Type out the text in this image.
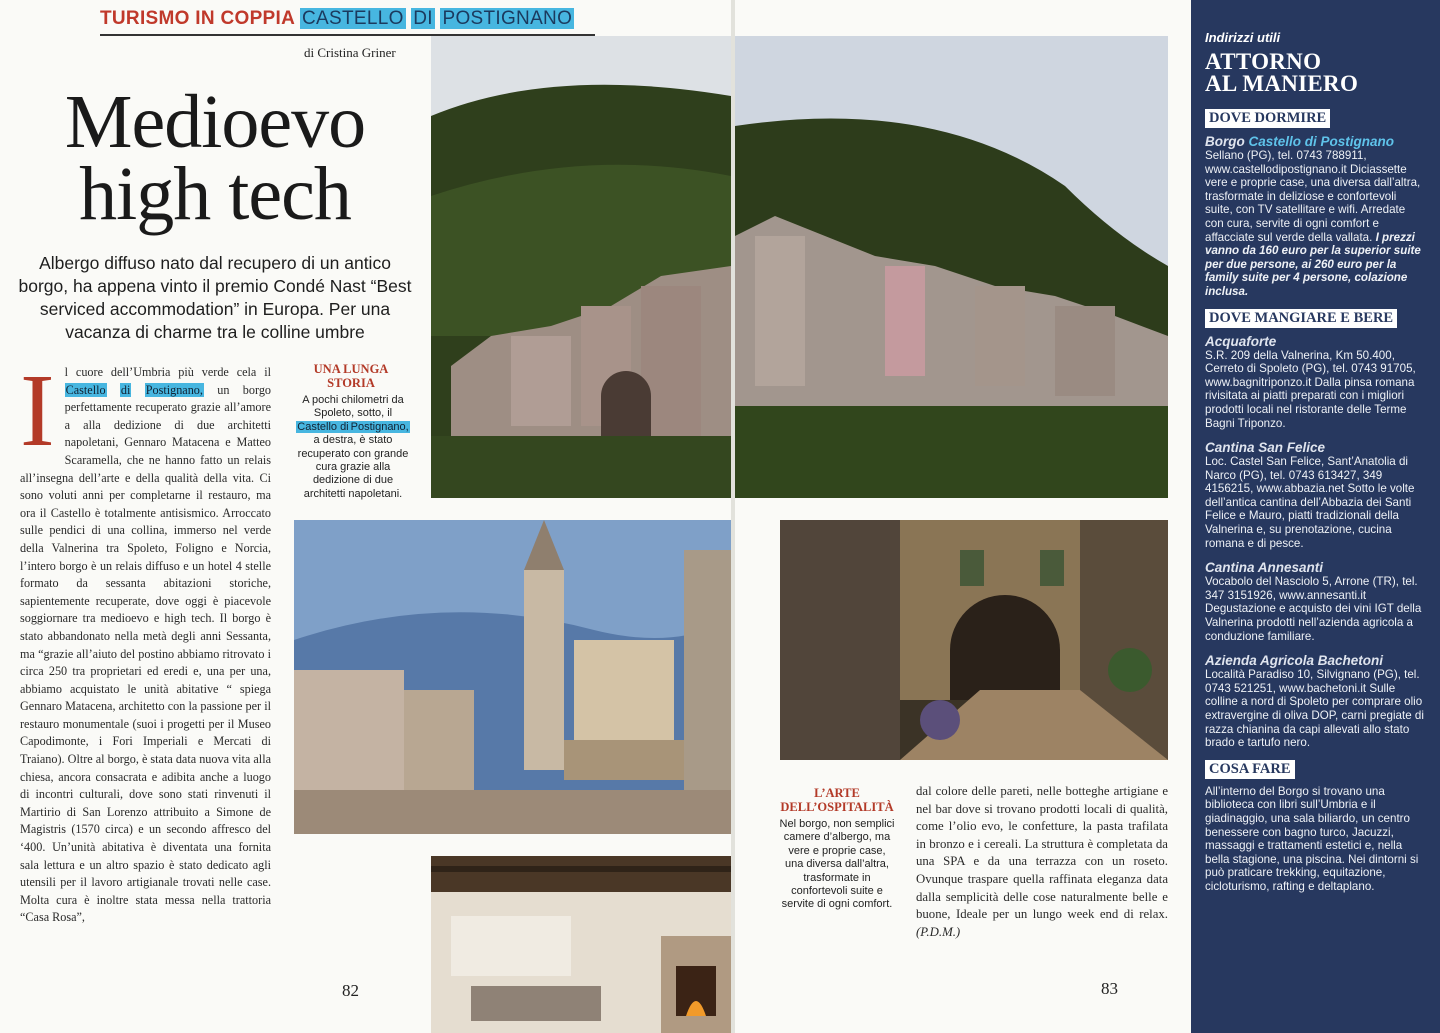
TURISMO IN COPPIA CASTELLO DI POSTIGNANO
di Cristina Griner
Medioevo
high tech
Albergo diffuso nato dal recupero di un antico borgo, ha appena vinto il premio Condé Nast “Best serviced accommodation” in Europa. Per una vacanza di charme tra le colline umbre
Il cuore dell’Umbria più verde cela il Castello di Postignano, un borgo perfettamente recuperato grazie all’amore a alla dedizione di due architetti napoletani, Gennaro Matacena e Matteo Scaramella, che ne hanno fatto un relais all’insegna dell’arte e della qualità della vita. Ci sono voluti anni per completarne il restauro, ma ora il Castello è totalmente antisismico. Arroccato sulle pendici di una collina, immerso nel verde della Valnerina tra Spoleto, Foligno e Norcia, l’intero borgo è un relais diffuso e un hotel 4 stelle formato da sessanta abitazioni storiche, sapientemente recuperate, dove oggi è piacevole soggiornare tra medioevo e high tech. Il borgo è stato abbandonato nella metà degli anni Sessanta, ma “grazie all’aiuto del postino abbiamo ritrovato i circa 250 tra proprietari ed eredi e, una per una, abbiamo acquistato le unità abitative “ spiega Gennaro Matacena, architetto con la passione per il restauro monumentale (suoi i progetti per il Museo Capodimonte, i Fori Imperiali e Mercati di Traiano). Oltre al borgo, è stata data nuova vita alla chiesa, ancora consacrata e adibita anche a luogo di incontri culturali, dove sono stati rinvenuti il Martirio di San Lorenzo attribuito a Simone de Magistris (1570 circa) e un secondo affresco del ‘400. Un’unità abitativa è diventata una fornita sala lettura e un altro spazio è stato dedicato agli utensili per il lavoro artigianale trovati nelle case. Molta cura è inoltre stata messa nella trattoria “Casa Rosa”,
UNA LUNGA
STORIA
A pochi chilometri da Spoleto, sotto, il Castello di Postignano, a destra, è stato recuperato con grande cura grazie alla dedizione di due architetti napoletani.
L’ARTE
DELL’OSPITALITÀ
Nel borgo, non semplici camere d’albergo, ma vere e proprie case, una diversa dall’altra, trasformate in confortevoli suite e servite di ogni comfort.
dal colore delle pareti, nelle botteghe artigiane e nel bar dove si trovano prodotti locali di qualità, come l’olio evo, le confetture, la pasta trafilata in bronzo e i cereali. La struttura è completata da una SPA e da una terrazza con un roseto. Ovunque traspare quella raffinata eleganza data dalla semplicità delle cose naturalmente belle e buone, Ideale per un lungo week end di relax. (P.D.M.)
82	83
Indirizzi utili
ATTORNO
AL MANIERO
DOVE DORMIRE
Borgo Castello di Postignano
Sellano (PG), tel. 0743 788911, www.castellodipostignano.it Diciassette vere e proprie case, una diversa dall’altra, trasformate in deliziose e confortevoli suite, con TV satellitare e wifi. Arredate con cura, servite di ogni comfort e affacciate sul verde della vallata. I prezzi vanno da 160 euro per la superior suite per due persone, ai 260 euro per la family suite per 4 persone, colazione inclusa.
DOVE MANGIARE E BERE
Acquaforte
S.R. 209 della Valnerina, Km 50.400, Cerreto di Spoleto (PG), tel. 0743 91705, www.bagnitriponzo.it Dalla pinsa romana rivisitata ai piatti preparati con i migliori prodotti locali nel ristorante delle Terme Bagni Triponzo.
Cantina San Felice
Loc. Castel San Felice, Sant’Anatolia di Narco (PG), tel. 0743 613427, 349 4156215, www.abbazia.net Sotto le volte dell’antica cantina dell’Abbazia dei Santi Felice e Mauro, piatti tradizionali della Valnerina e, su prenotazione, cucina romana e di pesce.
Cantina Annesanti
Vocabolo del Nasciolo 5, Arrone (TR), tel. 347 3151926, www.annesanti.it Degustazione e acquisto dei vini IGT della Valnerina prodotti nell’azienda agricola a conduzione familiare.
Azienda Agricola Bachetoni
Località Paradiso 10, Silvignano (PG), tel. 0743 521251, www.bachetoni.it Sulle colline a nord di Spoleto per comprare olio extravergine di oliva DOP, carni pregiate di razza chianina da capi allevati allo stato brado e tartufo nero.
COSA FARE
All’interno del Borgo si trovano una biblioteca con libri sull’Umbria e il giadinaggio, una sala biliardo, un centro benessere con bagno turco, Jacuzzi, massaggi e trattamenti estetici e, nella bella stagione, una piscina. Nei dintorni si può praticare trekking, equitazione, cicloturismo, rafting e deltaplano.
